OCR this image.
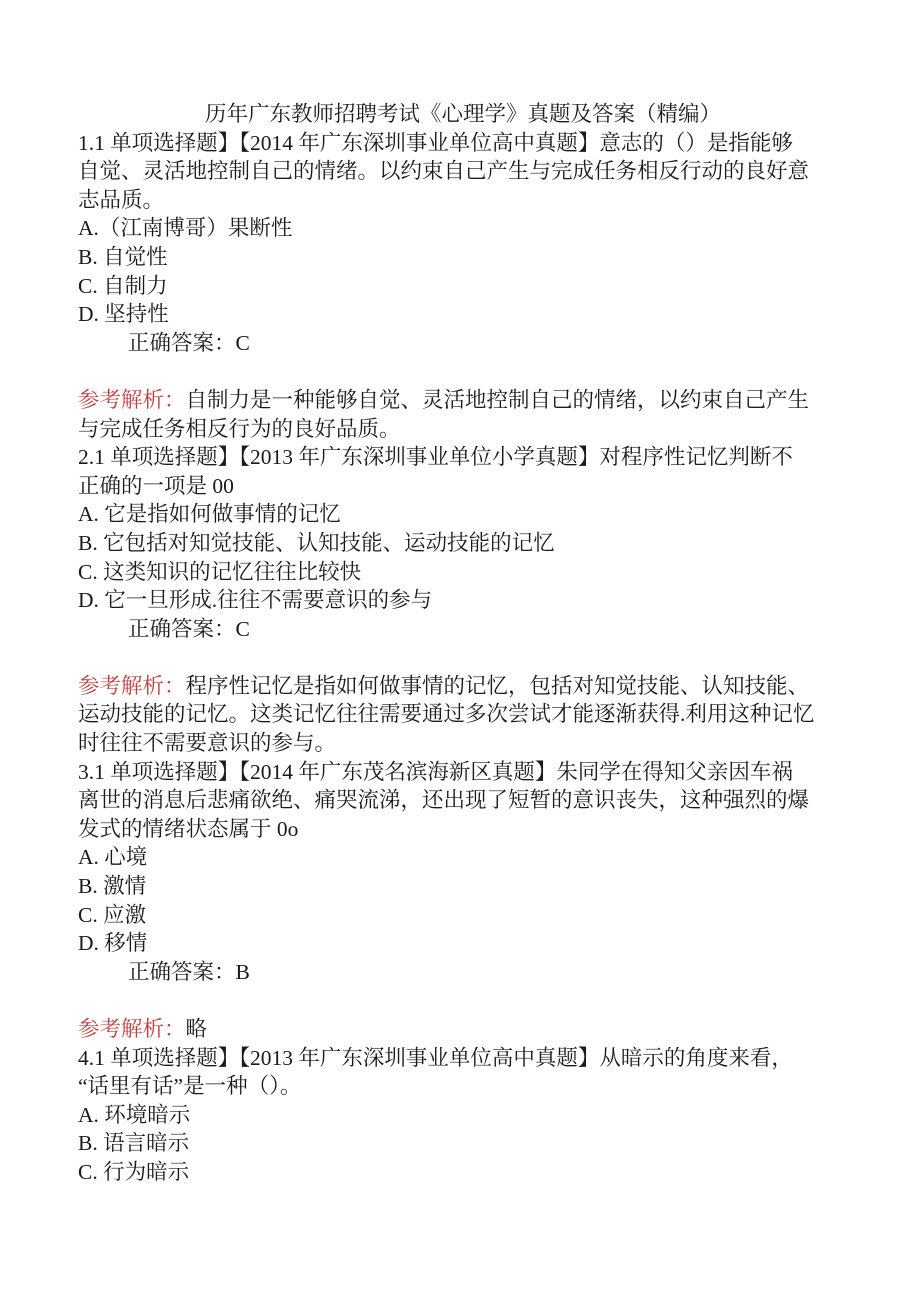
历年广东教师招聘考试《心理学》真题及答案（精编）
1.1 单项选择题】【2014 年广东深圳事业单位高中真题】意志的（）是指能够
自觉、灵活地控制自己的情绪。以约束自己产生与完成任务相反行动的良好意
志品质。
A.（江南博哥）果断性
B. 自觉性
C. 自制力
D. 坚持性
正确答案：C
参考解析：自制力是一种能够自觉、灵活地控制自己的情绪，以约束自己产生
与完成任务相反行为的良好品质。
2.1 单项选择题】【2013 年广东深圳事业单位小学真题】对程序性记忆判断不
正确的一项是 00
A. 它是指如何做事情的记忆
B. 它包括对知觉技能、认知技能、运动技能的记忆
C. 这类知识的记忆往往比较快
D. 它一旦形成.往往不需要意识的参与
正确答案：C
参考解析：程序性记忆是指如何做事情的记忆，包括对知觉技能、认知技能、
运动技能的记忆。这类记忆往往需要通过多次尝试才能逐渐获得.利用这种记忆
时往往不需要意识的参与。
3.1 单项选择题】【2014 年广东茂名滨海新区真题】朱同学在得知父亲因车祸
离世的消息后悲痛欲绝、痛哭流涕，还出现了短暂的意识丧失，这种强烈的爆
发式的情绪状态属于 0o
A. 心境
B. 激情
C. 应激
D. 移情
正确答案：B
参考解析：略
4.1 单项选择题】【2013 年广东深圳事业单位高中真题】从暗示的角度来看，
“话里有话”是一种（）。
A. 环境暗示
B. 语言暗示
C. 行为暗示
